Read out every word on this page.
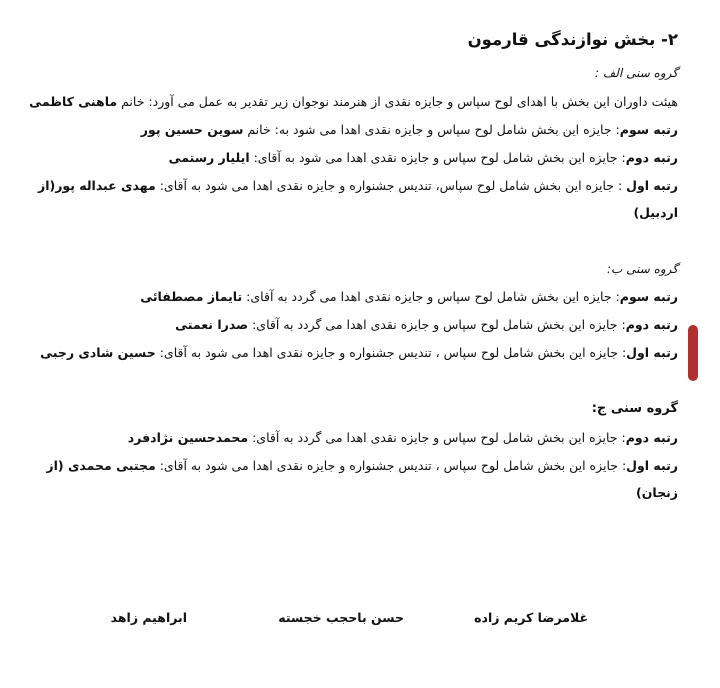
۲- بخش نوازندگی قارمون
گروه سنی الف :
هیئت داوران این بخش با اهدای لوح سپاس و جایزه نقدی از هنرمند نوجوان زیر تقدیر به عمل می آورد: خانم ماهنی کاظمی
رتبه سوم: جایزه این بخش شامل لوح سپاس و جایزه نقدی اهدا می شود به: خانم سوین حسین پور
رتبه دوم: جایزه این بخش شامل لوح سپاس و جایزه نقدی اهدا می شود به آقای: ایلیار رستمی
رتبه اول : جایزه این بخش شامل لوح سپاس، تندیس جشنواره و جایزه نقدی اهدا می شود به آقای: مهدی عبداله پور(از اردبیل)
گروه سنی ب:
رتبه سوم: جایزه این بخش شامل لوح سپاس و جایزه نقدی اهدا می گردد به آقای: تایماز مصطفائی
رتبه دوم: جایزه این بخش شامل لوح سپاس و جایزه نقدی اهدا می گردد به آقای: صدرا نعمتی
رتبه اول: جایزه این بخش شامل لوح سپاس ، تندیس جشنواره و جایزه نقدی اهدا می شود به آقای: حسین شادی رجبی
گروه سنی ج:
رتبه دوم: جایزه این بخش شامل لوح سپاس و جایزه نقدی اهدا می گردد به آقای: محمدحسین نژادفرد
رتبه اول: جایزه این بخش شامل لوح سپاس ، تندیس جشنواره و جایزه نقدی اهدا می شود به آقای: مجتبی محمدی (از زنجان)
غلامرضا کریم زاده
حسن باحجب خجسته
ابراهیم زاهد
